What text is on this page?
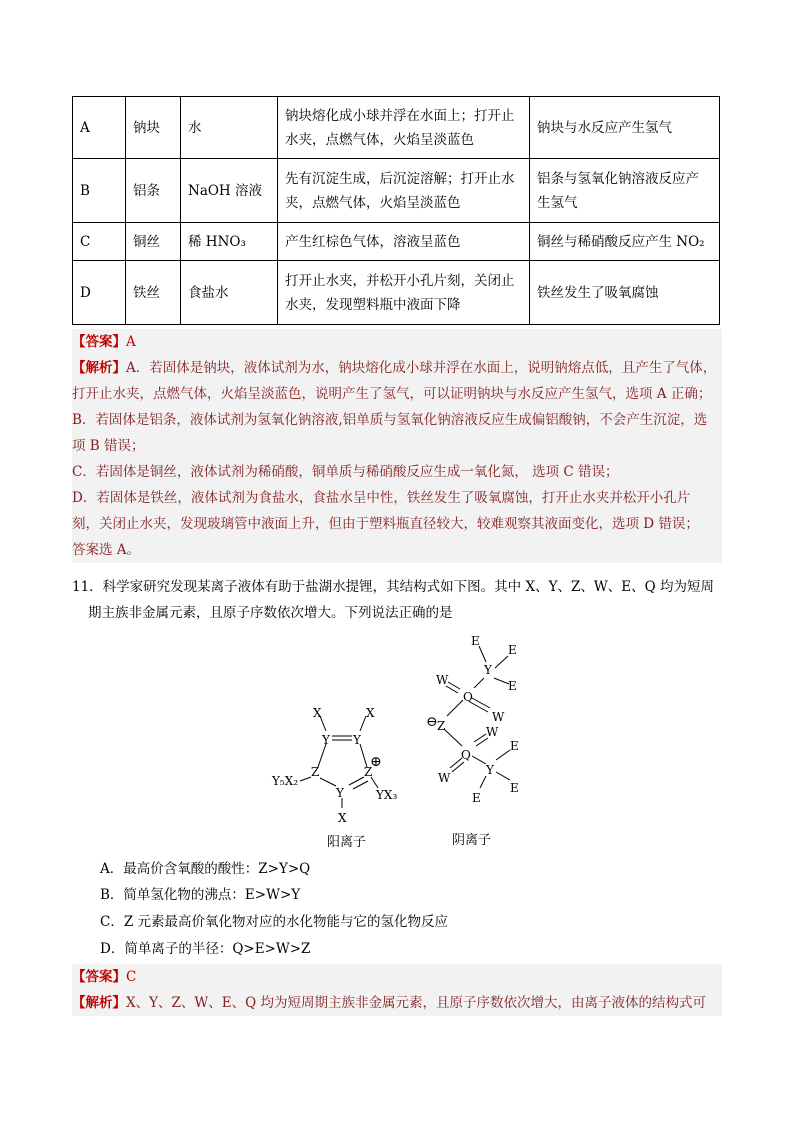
A	钠块	水	钠块熔化成小球并浮在水面上；打开止水夹，点燃气体，火焰呈淡蓝色	钠块与水反应产生氢气
B	铝条	NaOH 溶液	先有沉淀生成，后沉淀溶解；打开止水夹，点燃气体，火焰呈淡蓝色	铝条与氢氧化钠溶液反应产生氢气
C	铜丝	稀 HNO₃	产生红棕色气体，溶液呈蓝色	铜丝与稀硝酸反应产生 NO₂
D	铁丝	食盐水	打开止水夹，并松开小孔片刻，关闭止水夹，发现塑料瓶中液面下降	铁丝发生了吸氧腐蚀
【答案】A
【解析】A．若固体是钠块，液体试剂为水，钠块熔化成小球并浮在水面上，说明钠熔点低，且产生了气体，
打开止水夹，点燃气体，火焰呈淡蓝色，说明产生了氢气，可以证明钠块与水反应产生氢气，选项 A 正确；
B．若固体是铝条，液体试剂为氢氧化钠溶液,铝单质与氢氧化钠溶液反应生成偏铝酸钠，不会产生沉淀，选
项 B 错误；
C．若固体是铜丝，液体试剂为稀硝酸，铜单质与稀硝酸反应生成一氧化氮， 选项 C 错误；
D．若固体是铁丝，液体试剂为食盐水，食盐水呈中性，铁丝发生了吸氧腐蚀，打开止水夹并松开小孔片
刻，关闭止水夹，发现玻璃管中液面上升，但由于塑料瓶直径较大，较难观察其液面变化，选项 D 错误；
答案选 A。
11．科学家研究发现某离子液体有助于盐湖水提锂，其结构式如下图。其中 X、Y、Z、W、E、Q 均为短周
期主族非金属元素，且原子序数依次增大。下列说法正确的是
X	X
Y Y
Z	Z
⊕
Y
X
Y₅X₂
YX₃
阳离子
E
Y
E
E
W
Q
W
⊖ Z
Q
W
W
Y
E
E
E
阴离子
A．最高价含氧酸的酸性：Z>Y>Q
B．简单氢化物的沸点：E>W>Y
C．Z 元素最高价氧化物对应的水化物能与它的氢化物反应
D．简单离子的半径：Q>E>W>Z
【答案】C
【解析】X、Y、Z、W、E、Q 均为短周期主族非金属元素，且原子序数依次增大，由离子液体的结构式可
